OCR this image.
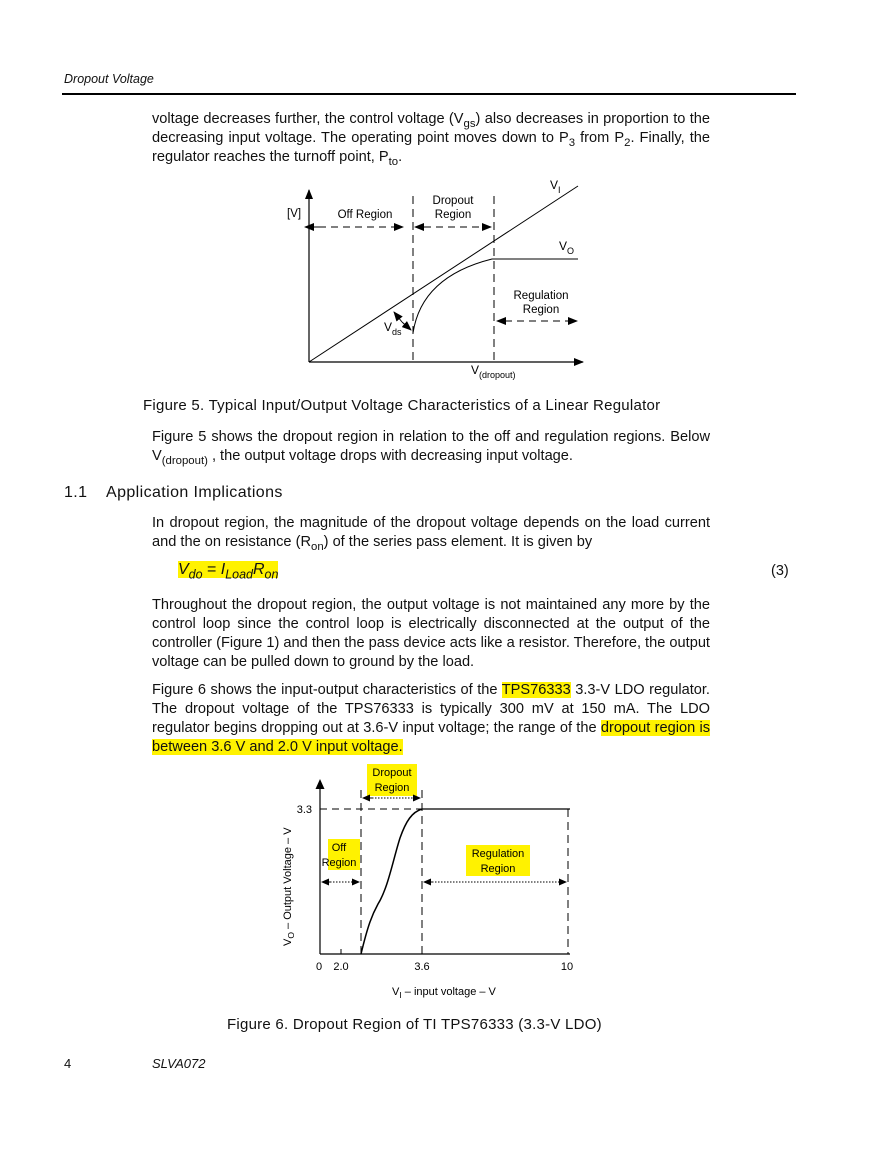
Dropout Voltage

voltage decreases further, the control voltage $(V_{gs})$ also decreases in proportion to the decreasing input voltage. The operating point moves down to $P_3$ from $P_2$. Finally, the regulator reaches the turnoff point, $P_{to}$.

[V]	Off Region
Dropout
Region
$V_I$
$V_O$
Regulation
Region
$V_{ds}$
$V_{(dropout)}$
Figure 5. Typical Input/Output Voltage Characteristics of a Linear Regulator

Figure 5 shows the dropout region in relation to the off and regulation regions. Below $V_{(dropout)}$ , the output voltage drops with decreasing input voltage.

1.1 Application Implications

In dropout region, the magnitude of the dropout voltage depends on the load current and the on resistance $(R_{on})$ of the series pass element. It is given by

$V_{do} = I_{Load}R_{on}$	(3)
Throughout the dropout region, the output voltage is not maintained any more by the control loop since the control loop is electrically disconnected at the output of the controller (Figure 1) and then the pass device acts like a resistor. Therefore, the output voltage can be pulled down to ground by the load.

Figure 6 shows the input-output characteristics of the TPS76333 3.3-V LDO regulator. The dropout voltage of the TPS76333 is typically 300 mV at 150 mA. The LDO regulator begins dropping out at 3.6-V input voltage; the range of the dropout region is between 3.6 V and 2.0 V input voltage.

Dropout
Region
3.3
Off
Region
Regulation
Region
$V_O$ – Output Voltage – V
0 2.0	3.6	10
$V_I$ – input voltage – V
Figure 6. Dropout Region of TI TPS76333 (3.3-V LDO)
4	SLVA072
